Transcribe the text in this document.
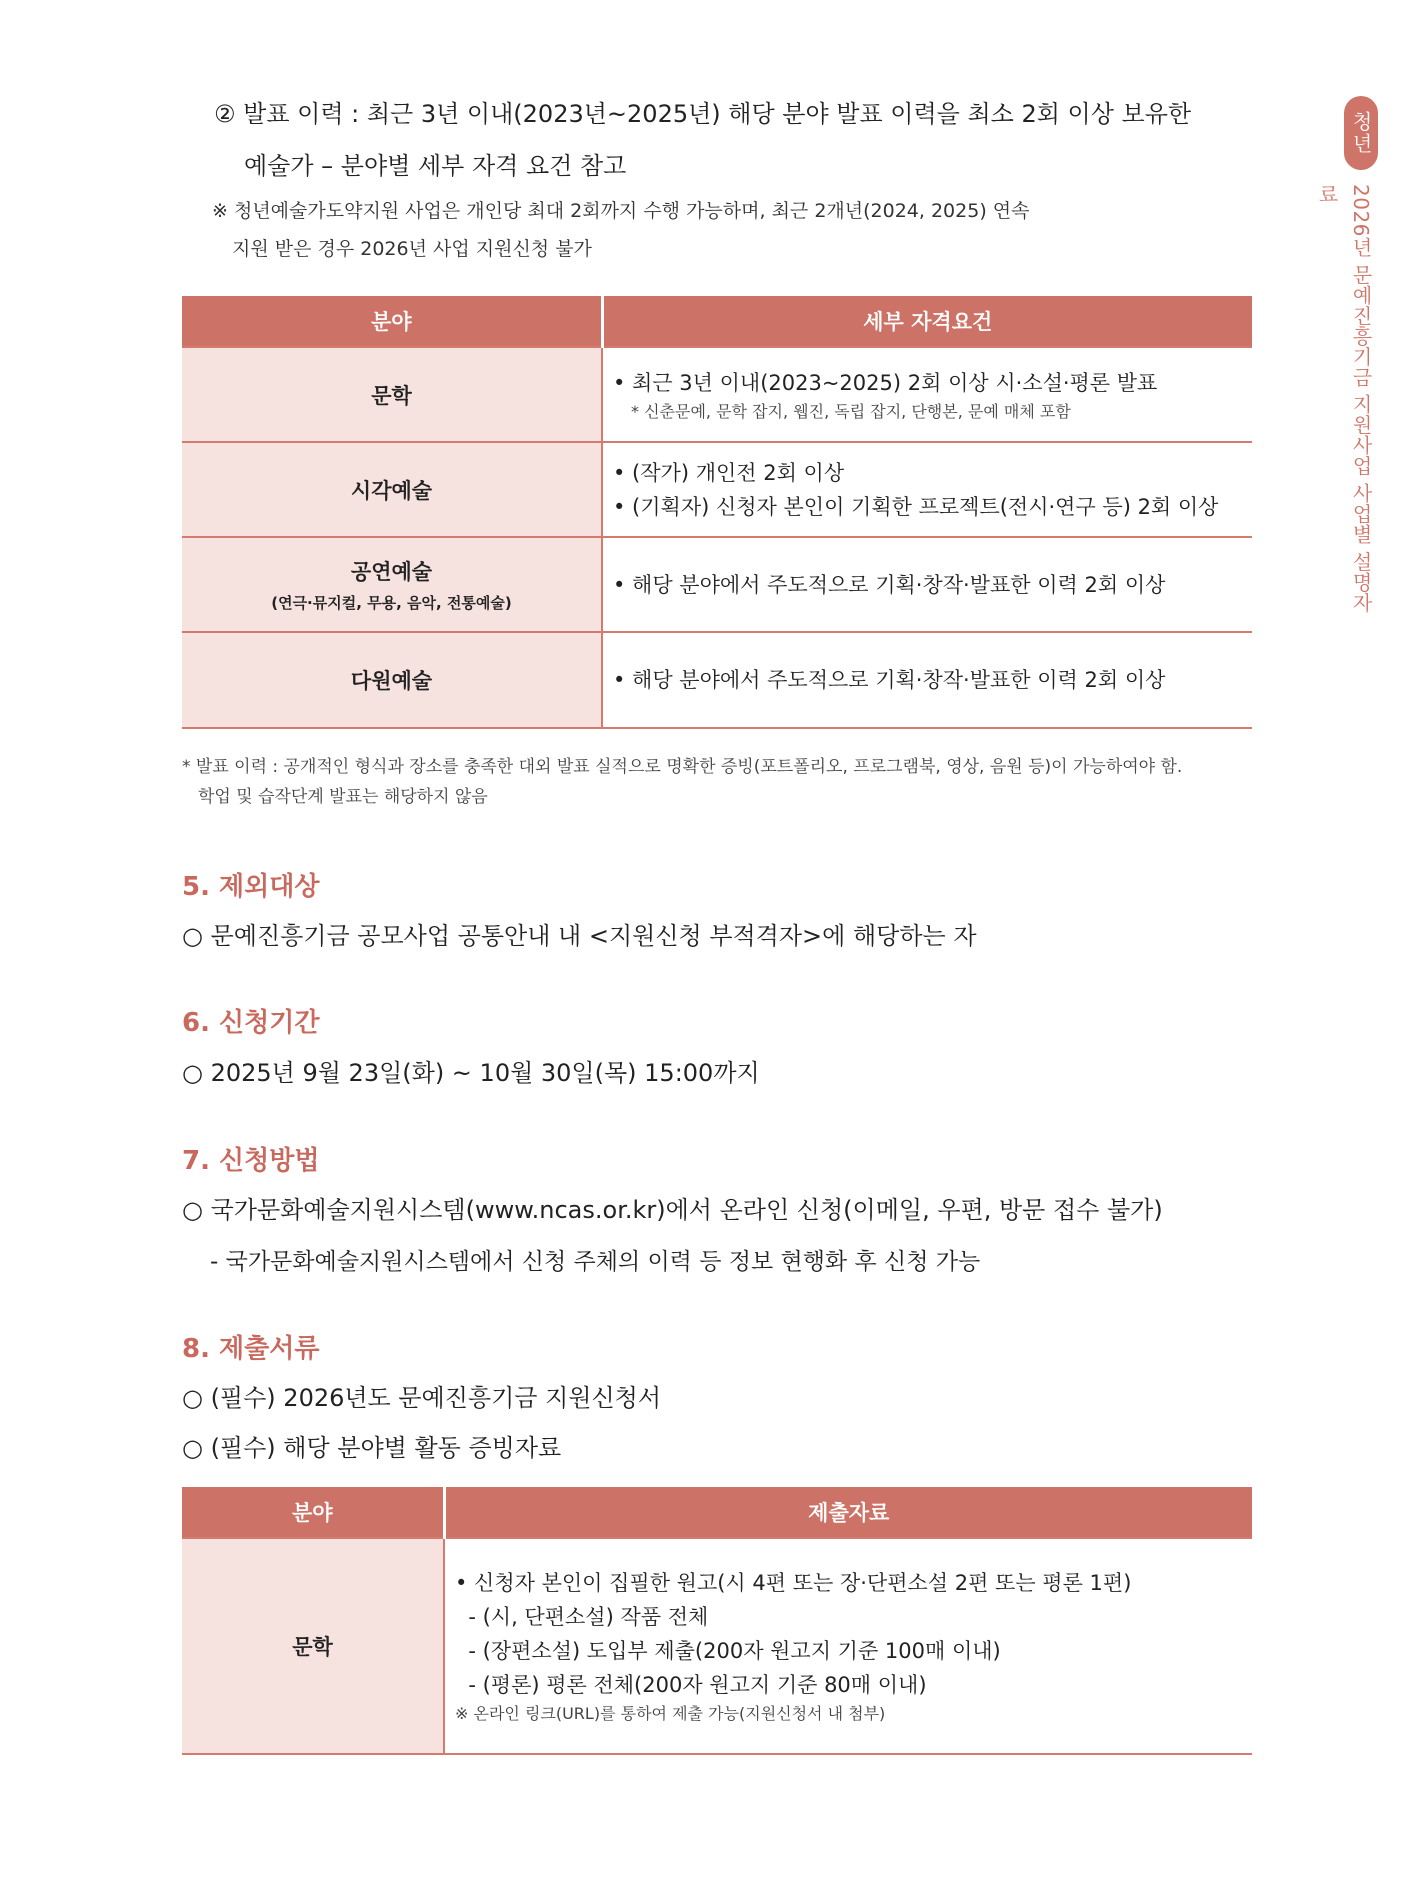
청년
2026년 문예진흥기금 지원사업 사업별 설명자료
② 발표 이력 : 최근 3년 이내(2023년~2025년) 해당 분야 발표 이력을 최소 2회 이상 보유한
예술가 – 분야별 세부 자격 요건 참고
※ 청년예술가도약지원 사업은 개인당 최대 2회까지 수행 가능하며, 최근 2개년(2024, 2025) 연속
지원 받은 경우 2026년 사업 지원신청 불가
분야	세부 자격요건
문학	• 최근 3년 이내(2023~2025) 2회 이상 시·소설·평론 발표
* 신춘문예, 문학 잡지, 웹진, 독립 잡지, 단행본, 문예 매체 포함

시각예술	• (작가) 개인전 2회 이상
• (기획자) 신청자 본인이 기획한 프로젝트(전시·연구 등) 2회 이상

공연예술
(연극·뮤지컬, 무용, 음악, 전통예술)	• 해당 분야에서 주도적으로 기획·창작·발표한 이력 2회 이상

다원예술	• 해당 분야에서 주도적으로 기획·창작·발표한 이력 2회 이상
* 발표 이력 : 공개적인 형식과 장소를 충족한 대외 발표 실적으로 명확한 증빙(포트폴리오, 프로그램북, 영상, 음원 등)이 가능하여야 함.
학업 및 습작단계 발표는 해당하지 않음
5. 제외대상
○ 문예진흥기금 공모사업 공통안내 내 <지원신청 부적격자>에 해당하는 자
6. 신청기간
○ 2025년 9월 23일(화) ~ 10월 30일(목) 15:00까지
7. 신청방법
○ 국가문화예술지원시스템(www.ncas.or.kr)에서 온라인 신청(이메일, 우편, 방문 접수 불가)
- 국가문화예술지원시스템에서 신청 주체의 이력 등 정보 현행화 후 신청 가능
8. 제출서류
○ (필수) 2026년도 문예진흥기금 지원신청서
○ (필수) 해당 분야별 활동 증빙자료
분야	제출자료
문학	• 신청자 본인이 집필한 원고(시 4편 또는 장·단편소설 2편 또는 평론 1편)
- (시, 단편소설) 작품 전체
- (장편소설) 도입부 제출(200자 원고지 기준 100매 이내)
- (평론) 평론 전체(200자 원고지 기준 80매 이내)
※ 온라인 링크(URL)를 통하여 제출 가능(지원신청서 내 첨부)
